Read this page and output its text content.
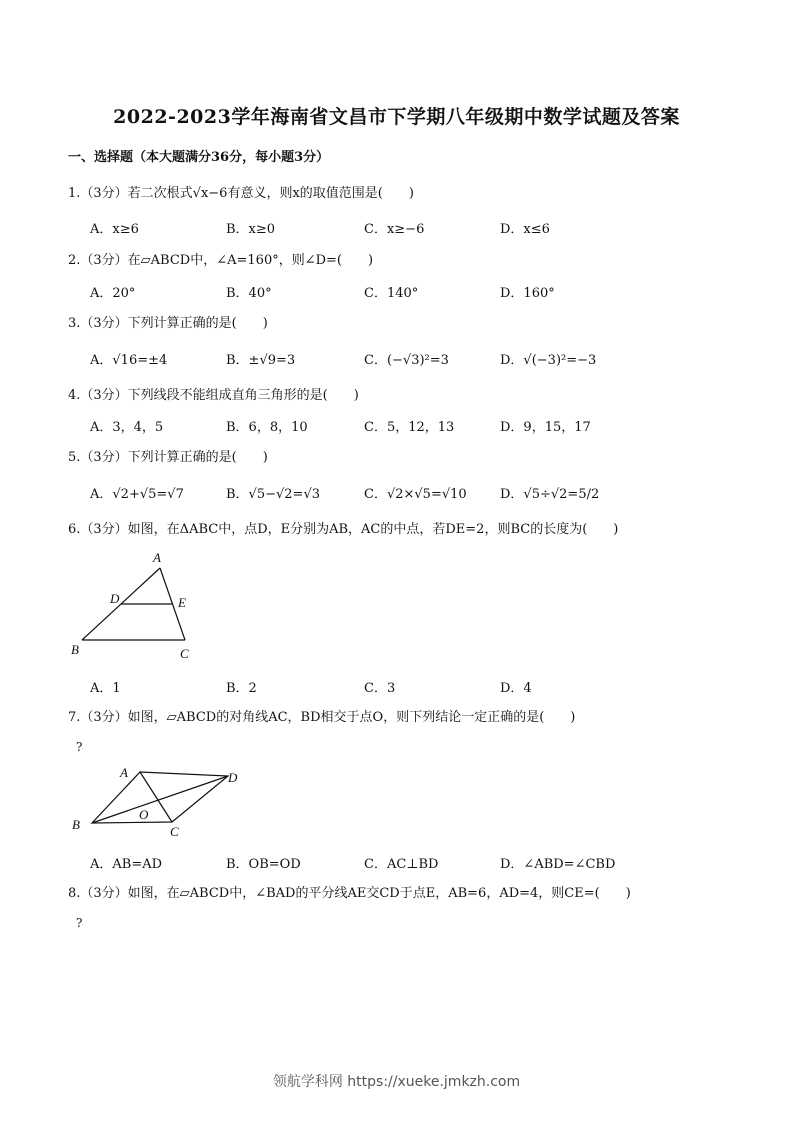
2022-2023学年海南省文昌市下学期八年级期中数学试题及答案
一、选择题（本大题满分36分，每小题3分）
1.（3分）若二次根式√x−6有意义，则x的取值范围是(　　)
A．x≥6	B．x≥0	C．x≥−6	D．x≤6
2.（3分）在▱ABCD中，∠A=160°，则∠D=(　　)
A．20°	B．40°	C．140°	D．160°
3.（3分）下列计算正确的是(　　)
A．√16=±4	B．±√9=3	C．(−√3)²=3	D．√(−3)²=−3
4.（3分）下列线段不能组成直角三角形的是(　　)
A．3，4，5	B．6，8，10	C．5，12，13	D．9，15，17
5.（3分）下列计算正确的是(　　)
A．√2+√5=√7	B．√5−√2=√3	C．√2×√5=√10	D．√5÷√2=5/2
6.（3分）如图，在ΔABC中，点D，E分别为AB，AC的中点，若DE=2，则BC的长度为(　　)
A
D	E
B	C
A．1	B．2	C．3	D．4
7.（3分）如图，▱ABCD的对角线AC，BD相交于点O，则下列结论一定正确的是(　　)
?
A	D
O
B	C
A．AB=AD	B．OB=OD	C．AC⊥BD	D．∠ABD=∠CBD
8.（3分）如图，在▱ABCD中，∠BAD的平分线AE交CD于点E，AB=6，AD=4，则CE=(　　)
?
领航学科网 https://xueke.jmkzh.com
